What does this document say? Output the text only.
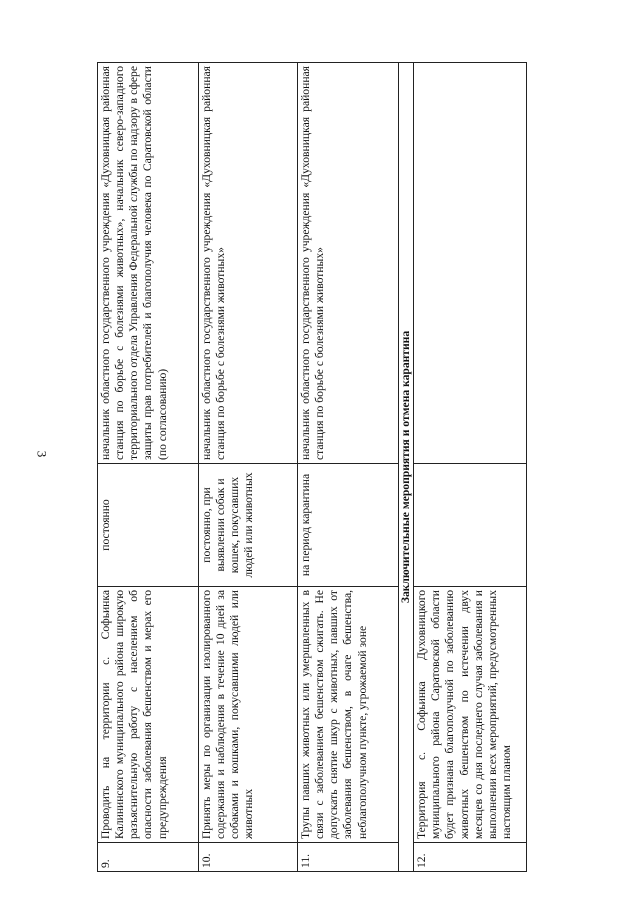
3
9.	Проводить на территории с. Софьинка Калининского муниципального района широкую разъяснительную работу с населением об опасности заболевания бешенством и мерах его предупреждения	постоянно	начальник областного государственного учреждения «Духовницкая районная станция по борьбе с болезнями животных», начальник северо-западного территориального отдела Управления Федеральной службы по надзору в сфере защиты прав потребителей и благополучия человека по Саратовской области (по согласованию)
10.	Принять меры по организации изолированного содержания и наблюдения в течение 10 дней за собаками и кошками, покусавшими людей или животных	постоянно, при выявлении собак и кошек, покусавших людей или животных	начальник областного государственного учреждения «Духовницкая районная станция по борьбе с болезнями животных»
11.	Трупы павших животных или умерщвленных в связи с заболеванием бешенством сжигать. Не допускать снятие шкур с животных, павших от заболевания бешенством, в очаге бешенства, неблагополучном пункте, угрожаемой зоне	на период карантина	начальник областного государственного учреждения «Духовницкая районная станция по борьбе с болезнями животных»
Заключительные мероприятия и отмена карантина			
12.	Территория с. Софьинка Духовницкого муниципального района Саратовской области будет признана благополучной по заболеванию животных бешенством по истечении двух месяцев со дня последнего случая заболевания и выполнении всех мероприятий, предусмотренных настоящим планом		
